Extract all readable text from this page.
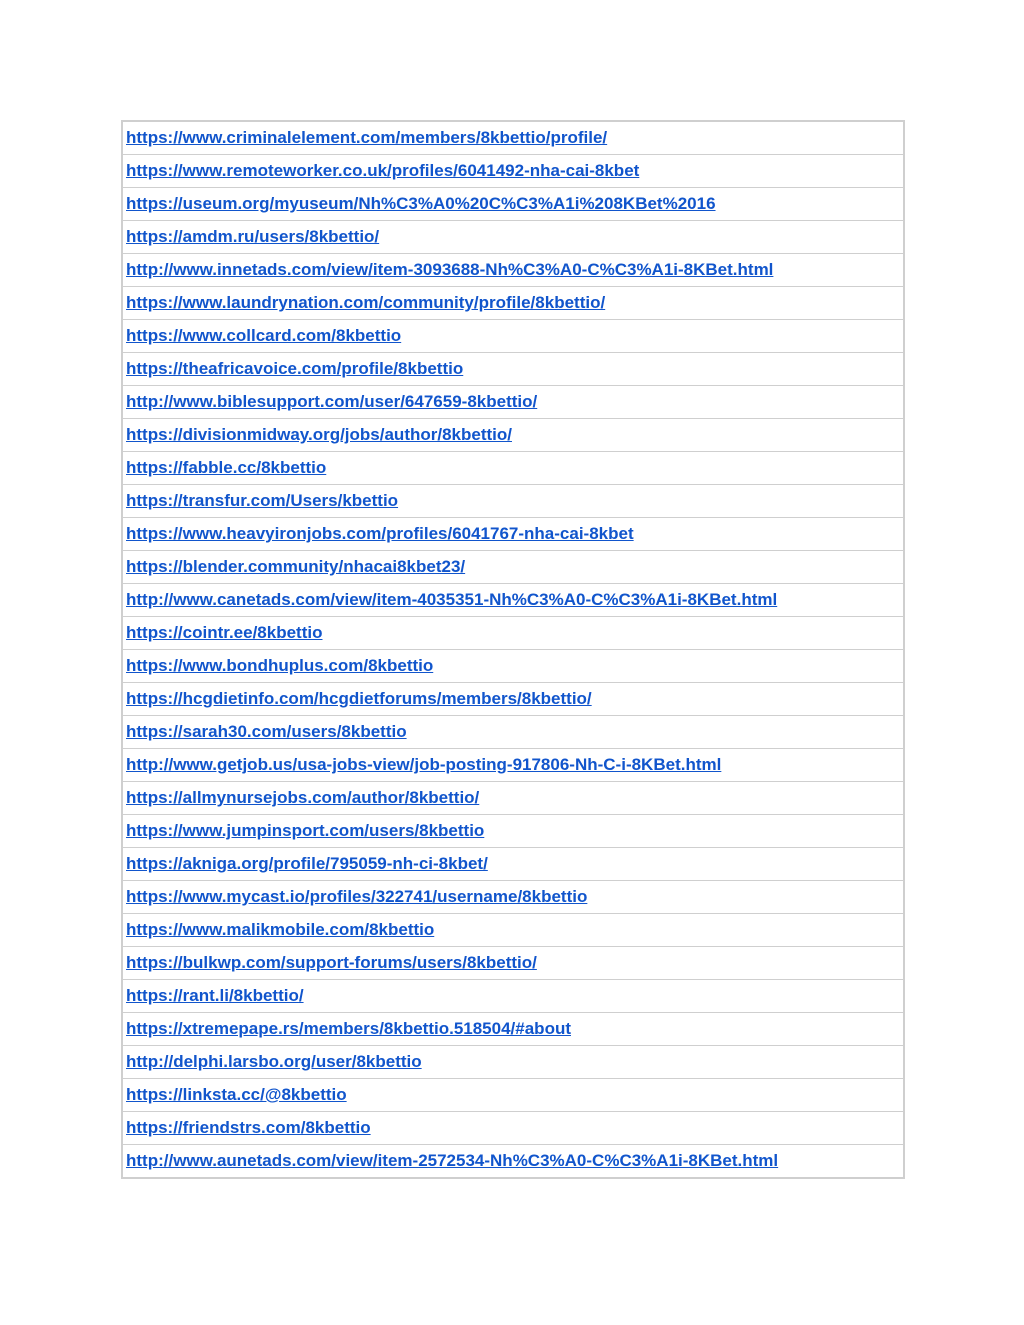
https://www.criminalelement.com/members/8kbettio/profile/
https://www.remoteworker.co.uk/profiles/6041492-nha-cai-8kbet
https://useum.org/myuseum/Nh%C3%A0%20C%C3%A1i%208KBet%2016
https://amdm.ru/users/8kbettio/
http://www.innetads.com/view/item-3093688-Nh%C3%A0-C%C3%A1i-8KBet.html
https://www.laundrynation.com/community/profile/8kbettio/
https://www.collcard.com/8kbettio
https://theafricavoice.com/profile/8kbettio
http://www.biblesupport.com/user/647659-8kbettio/
https://divisionmidway.org/jobs/author/8kbettio/
https://fabble.cc/8kbettio
https://transfur.com/Users/kbettio
https://www.heavyironjobs.com/profiles/6041767-nha-cai-8kbet
https://blender.community/nhacai8kbet23/
http://www.canetads.com/view/item-4035351-Nh%C3%A0-C%C3%A1i-8KBet.html
https://cointr.ee/8kbettio
https://www.bondhuplus.com/8kbettio
https://hcgdietinfo.com/hcgdietforums/members/8kbettio/
https://sarah30.com/users/8kbettio
http://www.getjob.us/usa-jobs-view/job-posting-917806-Nh-C-i-8KBet.html
https://allmynursejobs.com/author/8kbettio/
https://www.jumpinsport.com/users/8kbettio
https://akniga.org/profile/795059-nh-ci-8kbet/
https://www.mycast.io/profiles/322741/username/8kbettio
https://www.malikmobile.com/8kbettio
https://bulkwp.com/support-forums/users/8kbettio/
https://rant.li/8kbettio/
https://xtremepape.rs/members/8kbettio.518504/#about
http://delphi.larsbo.org/user/8kbettio
https://linksta.cc/@8kbettio
https://friendstrs.com/8kbettio
http://www.aunetads.com/view/item-2572534-Nh%C3%A0-C%C3%A1i-8KBet.html
